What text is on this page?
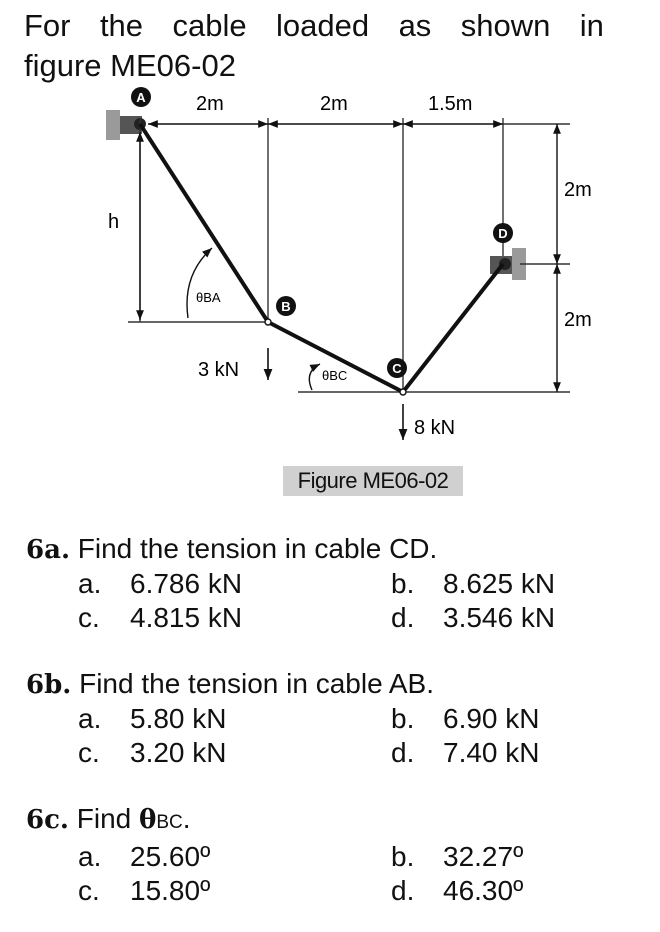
For the cable loaded as shown in
figure ME06-02
2m	2m	1.5m
h
2m
2m
θBA
θBC
3 kN
8 kN
A
B
C
D
Figure ME06-02
6a. Find the tension in cable CD.
a. 6.786 kN	b. 8.625 kN
c. 4.815 kN	d. 3.546 kN
6b. Find the tension in cable AB.
a. 5.80 kN	b. 6.90 kN
c. 3.20 kN	d. 7.40 kN
6c. Find θBC.
a. 25.60º	b. 32.27º
c. 15.80º	d. 46.30º
